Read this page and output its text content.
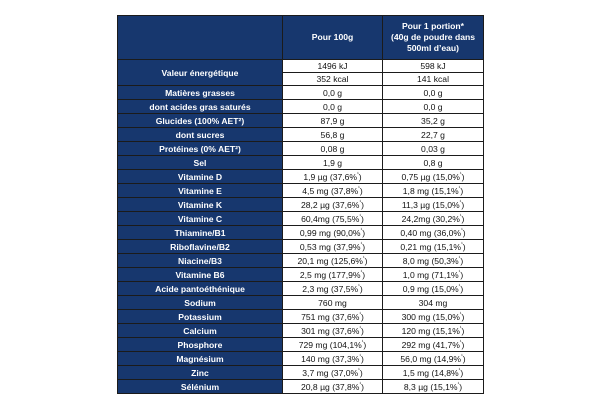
	Pour 100g	Pour 1 portion*
(40g de poudre dans
500ml d’eau)

Valeur énergétique	1496 kJ	598 kJ
	352 kcal	141 kcal
Matières grasses	0,0 g	0,0 g
dont acides gras saturés	0,0 g	0,0 g
Glucides (100% AET²)	87,9 g	35,2 g
dont sucres	56,8 g	22,7 g
Protéines (0% AET²)	0,08 g	0,03 g
Sel	1,9 g	0,8 g
Vitamine D	1,9 µg (37,6%$^{^1}$)	0,75 µg (15,0%$^{^1}$)
Vitamine E	4,5 mg (37,8%$^{^1}$)	1,8 mg (15,1%$^{^1}$)
Vitamine K	28,2 µg (37,6%$^{^1}$)	11,3 µg (15,0%$^{^1}$)
Vitamine C	60,4mg (75,5%$^{^1}$)	24,2mg (30,2%$^{^1}$)
Thiamine/B1	0,99 mg (90,0%$^{^1}$)	0,40 mg (36,0%$^{^1}$)
Riboflavine/B2	0,53 mg (37,9%$^{^1}$)	0,21 mg (15,1%$^{^1}$)
Niacine/B3	20,1 mg (125,6%$^{^1}$)	8,0 mg (50,3%$^{^1}$)
Vitamine B6	2,5 mg (177,9%$^{^1}$)	1,0 mg (71,1%$^{^1}$)
Acide pantoéthénique	2,3 mg (37,5%$^{^1}$)	0,9 mg (15,0%$^{^1}$)
Sodium	760 mg	304 mg
Potassium	751 mg (37,6%$^{^1}$)	300 mg (15,0%$^{^1}$)
Calcium	301 mg (37,6%$^{^1}$)	120 mg (15,1%$^{^1}$)
Phosphore	729 mg (104,1%$^{^1}$)	292 mg (41,7%$^{^1}$)
Magnésium	140 mg (37,3%$^{^1}$)	56,0 mg (14,9%$^{^1}$)
Zinc	3,7 mg (37,0%$^{^1}$)	1,5 mg (14,8%$^{^1}$)
Sélénium	20,8 µg (37,8%$^{^1}$)	8,3 µg (15,1%$^{^1}$)
